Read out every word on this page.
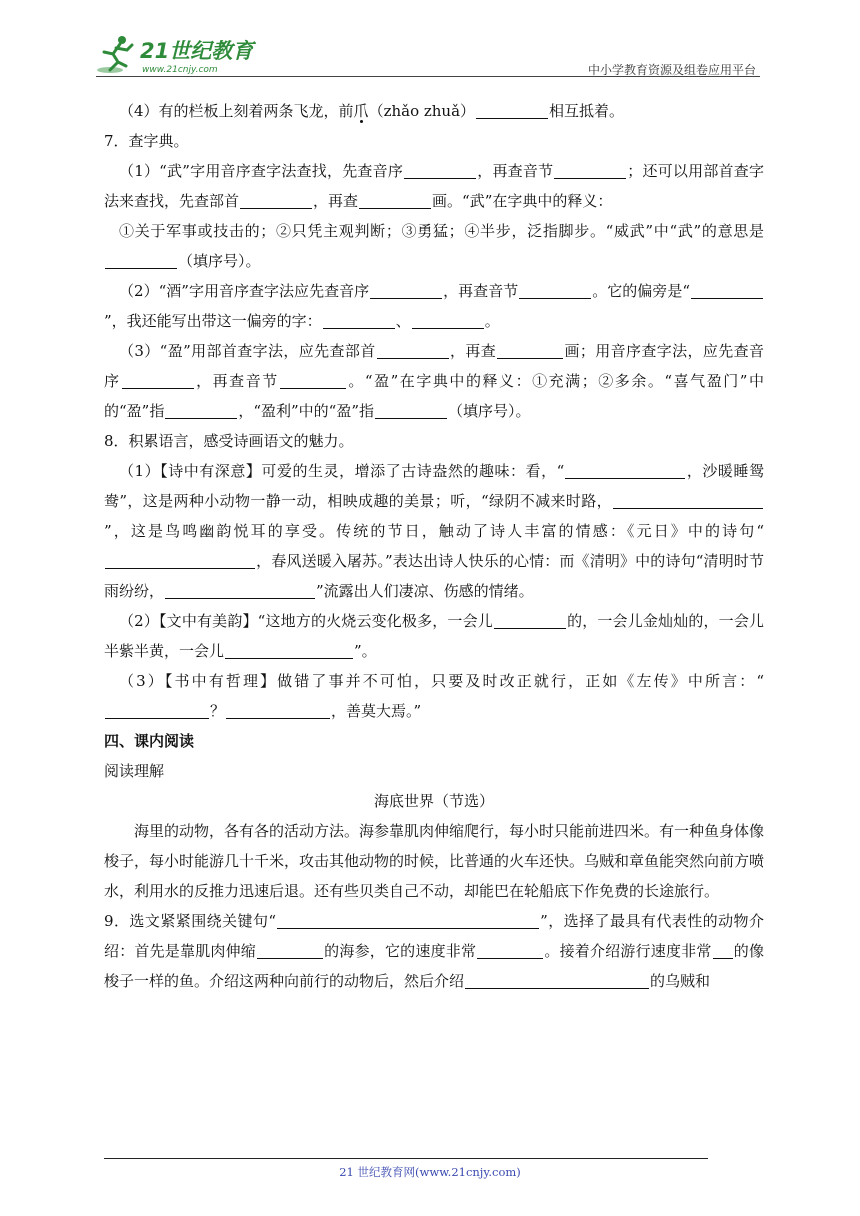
21世纪教育
www.21cnjy.com	中小学教育资源及组卷应用平台

（4）有的栏板上刻着两条飞龙，前爪（zhǎo zhuǎ）	相互抵着。

7．查字典。

（1）“武”字用音序查字法查找，先查音序	，再查音节	；还可以用部首查字法来查找，先查部首	，再查	画。“武”在字典中的释义：

①关于军事或技击的；②只凭主观判断；③勇猛；④半步，泛指脚步。“威武”中“武”的意思是（填序号）。

（2）“酒”字用音序查字法应先查音序	，再查音节	。它的偏旁是“”，我还能写出带这一偏旁的字：	、	。

（3）“盈”用部首查字法，应先查部首	，再查	画；用音序查字法，应先查音序	，再查音节	。“盈”在字典中的释义：①充满；②多余。“喜气盈门”中的“盈”指	，“盈利”中的“盈”指	（填序号）。

8．积累语言，感受诗画语文的魅力。

（1）【诗中有深意】可爱的生灵，增添了古诗盎然的趣味：看，“	，沙暖睡鸳鸯”，这是两种小动物一静一动，相映成趣的美景；听，“绿阴不减来时路，”，这是鸟鸣幽韵悦耳的享受。传统的节日，触动了诗人丰富的情感：《元日》中的诗句“，春风送暖入屠苏。”表达出诗人快乐的心情：而《清明》中的诗句“清明时节雨纷纷，	”流露出人们凄凉、伤感的情绪。

（2）【文中有美韵】“这地方的火烧云变化极多，一会儿	的，一会儿金灿灿的，一会儿半紫半黄，一会儿	”。

（3）【书中有哲理】做错了事并不可怕，只要及时改正就行，正如《左传》中所言：“？	，善莫大焉。”

四、课内阅读

阅读理解

海底世界（节选）

海里的动物，各有各的活动方法。海参靠肌肉伸缩爬行，每小时只能前进四米。有一种鱼身体像梭子，每小时能游几十千米，攻击其他动物的时候，比普通的火车还快。乌贼和章鱼能突然向前方喷水，利用水的反推力迅速后退。还有些贝类自己不动，却能巴在轮船底下作免费的长途旅行。

9．选文紧紧围绕关键句“	”，选择了最具有代表性的动物介绍：首先是靠肌肉伸缩	的海参，它的速度非常	。接着介绍游行速度非常 的像梭子一样的鱼。介绍这两种向前行的动物后，然后介绍	的乌贼和

21 世纪教育网(www.21cnjy.com)
